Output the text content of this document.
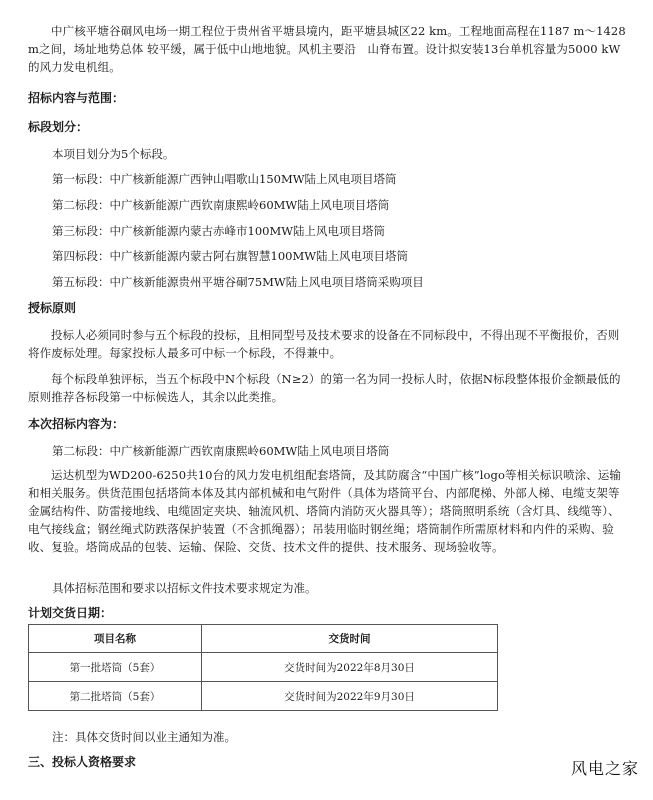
中广核平塘谷硐风电场一期工程位于贵州省平塘县境内，距平塘县城区22 km。工程地面高程在1187 m～1428 m之间，场址地势总体 较平缓，属于低中山地地貌。风机主要沿　山脊布置。设计拟安装13台单机容量为5000 kW的风力发电机组。
招标内容与范围：
标段划分：
本项目划分为5个标段。
第一标段：中广核新能源广西钟山唱歌山150MW陆上风电项目塔筒
第二标段：中广核新能源广西钦南康熙岭60MW陆上风电项目塔筒
第三标段：中广核新能源内蒙古赤峰市100MW陆上风电项目塔筒
第四标段：中广核新能源内蒙古阿右旗智慧100MW陆上风电项目塔筒
第五标段：中广核新能源贵州平塘谷硐75MW陆上风电项目塔筒采购项目
授标原则
投标人必须同时参与五个标段的投标，且相同型号及技术要求的设备在不同标段中，不得出现不平衡报价，否则将作废标处理。每家投标人最多可中标一个标段，不得兼中。
每个标段单独评标，当五个标段中N个标段（N≥2）的第一名为同一投标人时，依据N标段整体报价金额最低的原则推荐各标段第一中标候选人，其余以此类推。
本次招标内容为：
第二标段：中广核新能源广西钦南康熙岭60MW陆上风电项目塔筒
运达机型为WD200-6250共10台的风力发电机组配套塔筒，及其防腐含“中国广核”logo等相关标识喷涂、运输和相关服务。供货范围包括塔筒本体及其内部机械和电气附件（具体为塔筒平台、内部爬梯、外部人梯、电缆支架等金属结构件、防雷接地线、电缆固定夹块、轴流风机、塔筒内消防灭火器具等）；塔筒照明系统（含灯具、线缆等）、电气接线盒；钢丝绳式防跌落保护装置（不含抓绳器）；吊装用临时钢丝绳；塔筒制作所需原材料和内件的采购、验收、复验。塔筒成品的包装、运输、保险、交货、技术文件的提供、技术服务、现场验收等。
具体招标范围和要求以招标文件技术要求规定为准。
计划交货日期：
项目名称	交货时间
第一批塔筒（5套）	交货时间为2022年8月30日
第二批塔筒（5套）	交货时间为2022年9月30日
注：具体交货时间以业主通知为准。
三、投标人资格要求	风电之家
